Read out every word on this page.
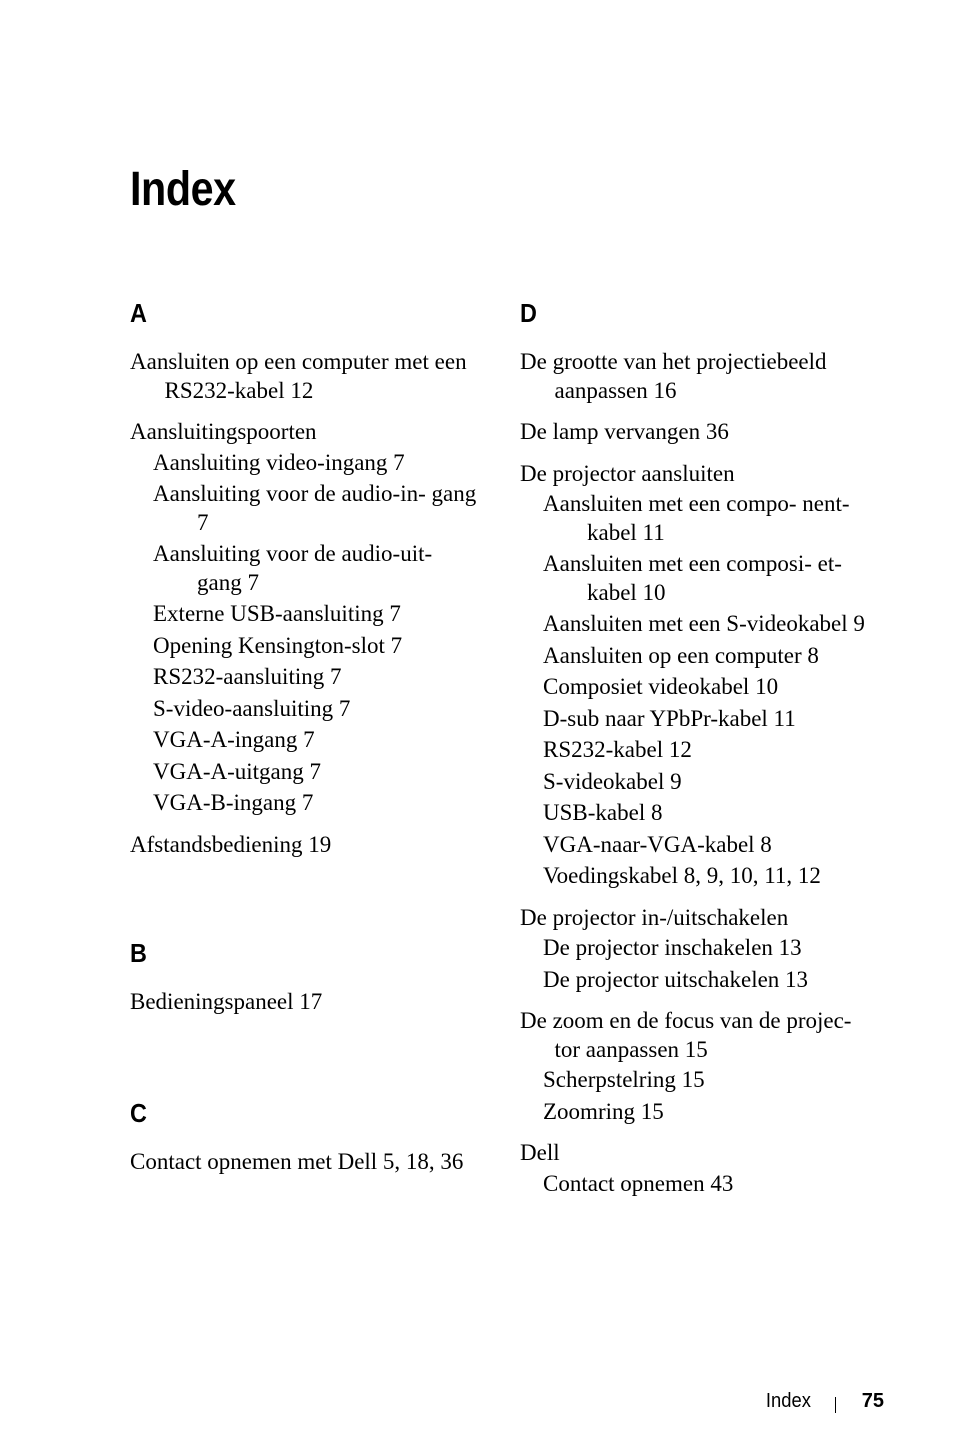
Index
A
Aansluiten op een computer met een RS232-kabel 12
Aansluitingspoorten
Aansluiting video-ingang 7
Aansluiting voor de audio-in- gang 7
Aansluiting voor de audio-uit- gang 7
Externe USB-aansluiting 7
Opening Kensington-slot 7
RS232-aansluiting 7
S-video-aansluiting 7
VGA-A-ingang 7
VGA-A-uitgang 7
VGA-B-ingang 7
Afstandsbediening 19
B
Bedieningspaneel 17
C
Contact opnemen met Dell 5, 18, 36
D
De grootte van het projectiebeeld aanpassen 16
De lamp vervangen 36
De projector aansluiten
Aansluiten met een compo- nent-kabel 11
Aansluiten met een composi- et-kabel 10
Aansluiten met een S-videokabel 9
Aansluiten op een computer 8
Composiet videokabel 10
D-sub naar YPbPr-kabel 11
RS232-kabel 12
S-videokabel 9
USB-kabel 8
VGA-naar-VGA-kabel 8
Voedingskabel 8, 9, 10, 11, 12
De projector in-/uitschakelen
De projector inschakelen 13
De projector uitschakelen 13
De zoom en de focus van de projec- tor aanpassen 15
Scherpstelring 15
Zoomring 15
Dell
Contact opnemen 43
Index	75
